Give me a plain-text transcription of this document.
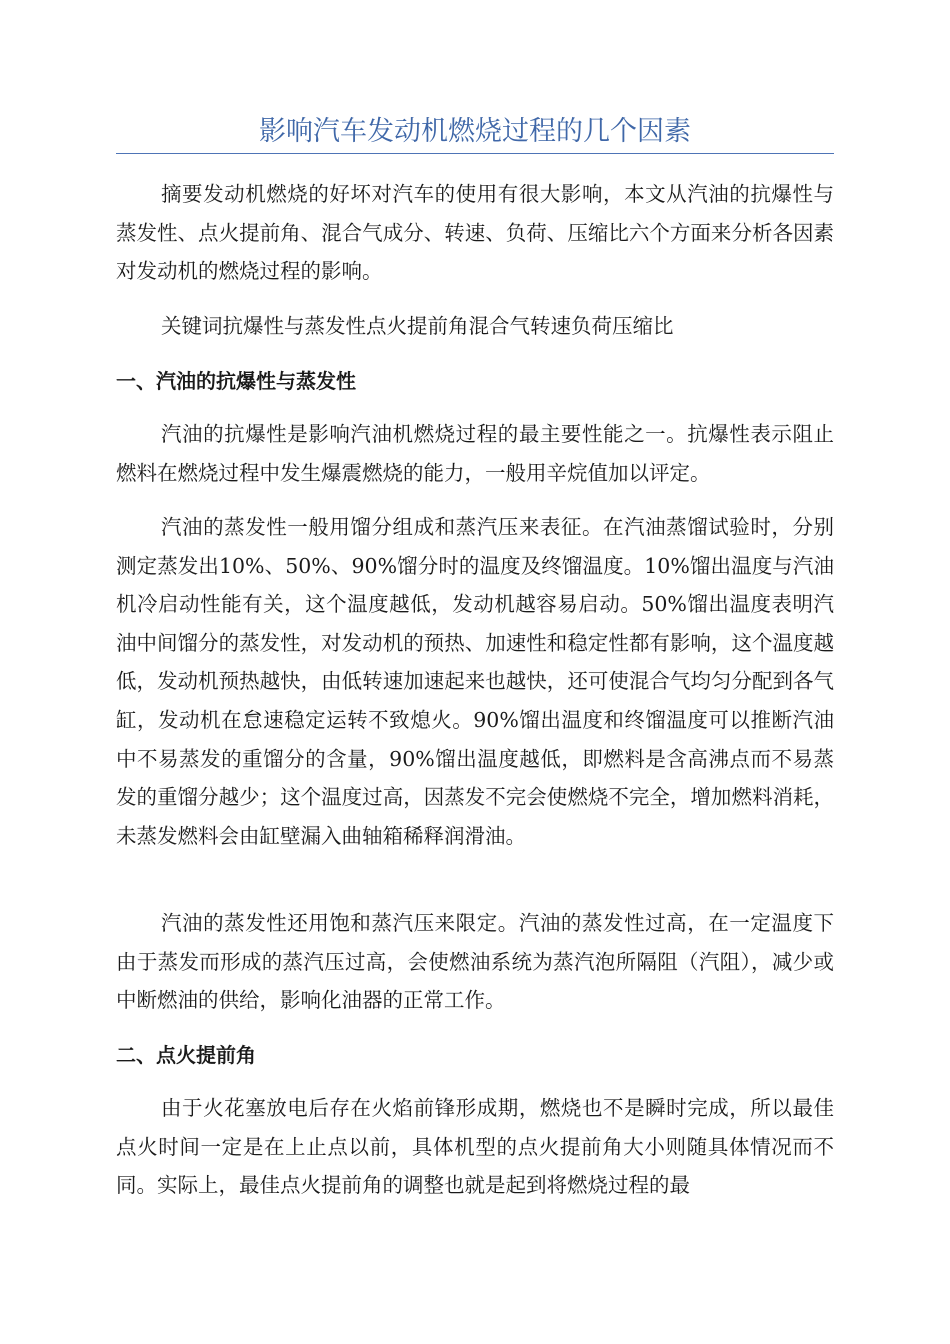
影响汽车发动机燃烧过程的几个因素

摘要发动机燃烧的好坏对汽车的使用有很大影响，本文从汽油的抗爆性与蒸发性、点火提前角、混合气成分、转速、负荷、压缩比六个方面来分析各因素对发动机的燃烧过程的影响。

关键词抗爆性与蒸发性点火提前角混合气转速负荷压缩比

一、汽油的抗爆性与蒸发性

汽油的抗爆性是影响汽油机燃烧过程的最主要性能之一。抗爆性表示阻止燃料在燃烧过程中发生爆震燃烧的能力，一般用辛烷值加以评定。

汽油的蒸发性一般用馏分组成和蒸汽压来表征。在汽油蒸馏试验时，分别测定蒸发出10%、50%、90%馏分时的温度及终馏温度。10%馏出温度与汽油机冷启动性能有关，这个温度越低，发动机越容易启动。50%馏出温度表明汽油中间馏分的蒸发性，对发动机的预热、加速性和稳定性都有影响，这个温度越低，发动机预热越快，由低转速加速起来也越快，还可使混合气均匀分配到各气缸，发动机在怠速稳定运转不致熄火。90%馏出温度和终馏温度可以推断汽油中不易蒸发的重馏分的含量，90%馏出温度越低，即燃料是含高沸点而不易蒸发的重馏分越少；这个温度过高，因蒸发不完会使燃烧不完全，增加燃料消耗，未蒸发燃料会由缸壁漏入曲轴箱稀释润滑油。

汽油的蒸发性还用饱和蒸汽压来限定。汽油的蒸发性过高，在一定温度下由于蒸发而形成的蒸汽压过高，会使燃油系统为蒸汽泡所隔阻（汽阻），减少或中断燃油的供给，影响化油器的正常工作。

二、点火提前角

由于火花塞放电后存在火焰前锋形成期，燃烧也不是瞬时完成，所以最佳点火时间一定是在上止点以前，具体机型的点火提前角大小则随具体情况而不同。实际上，最佳点火提前角的调整也就是起到将燃烧过程的最
